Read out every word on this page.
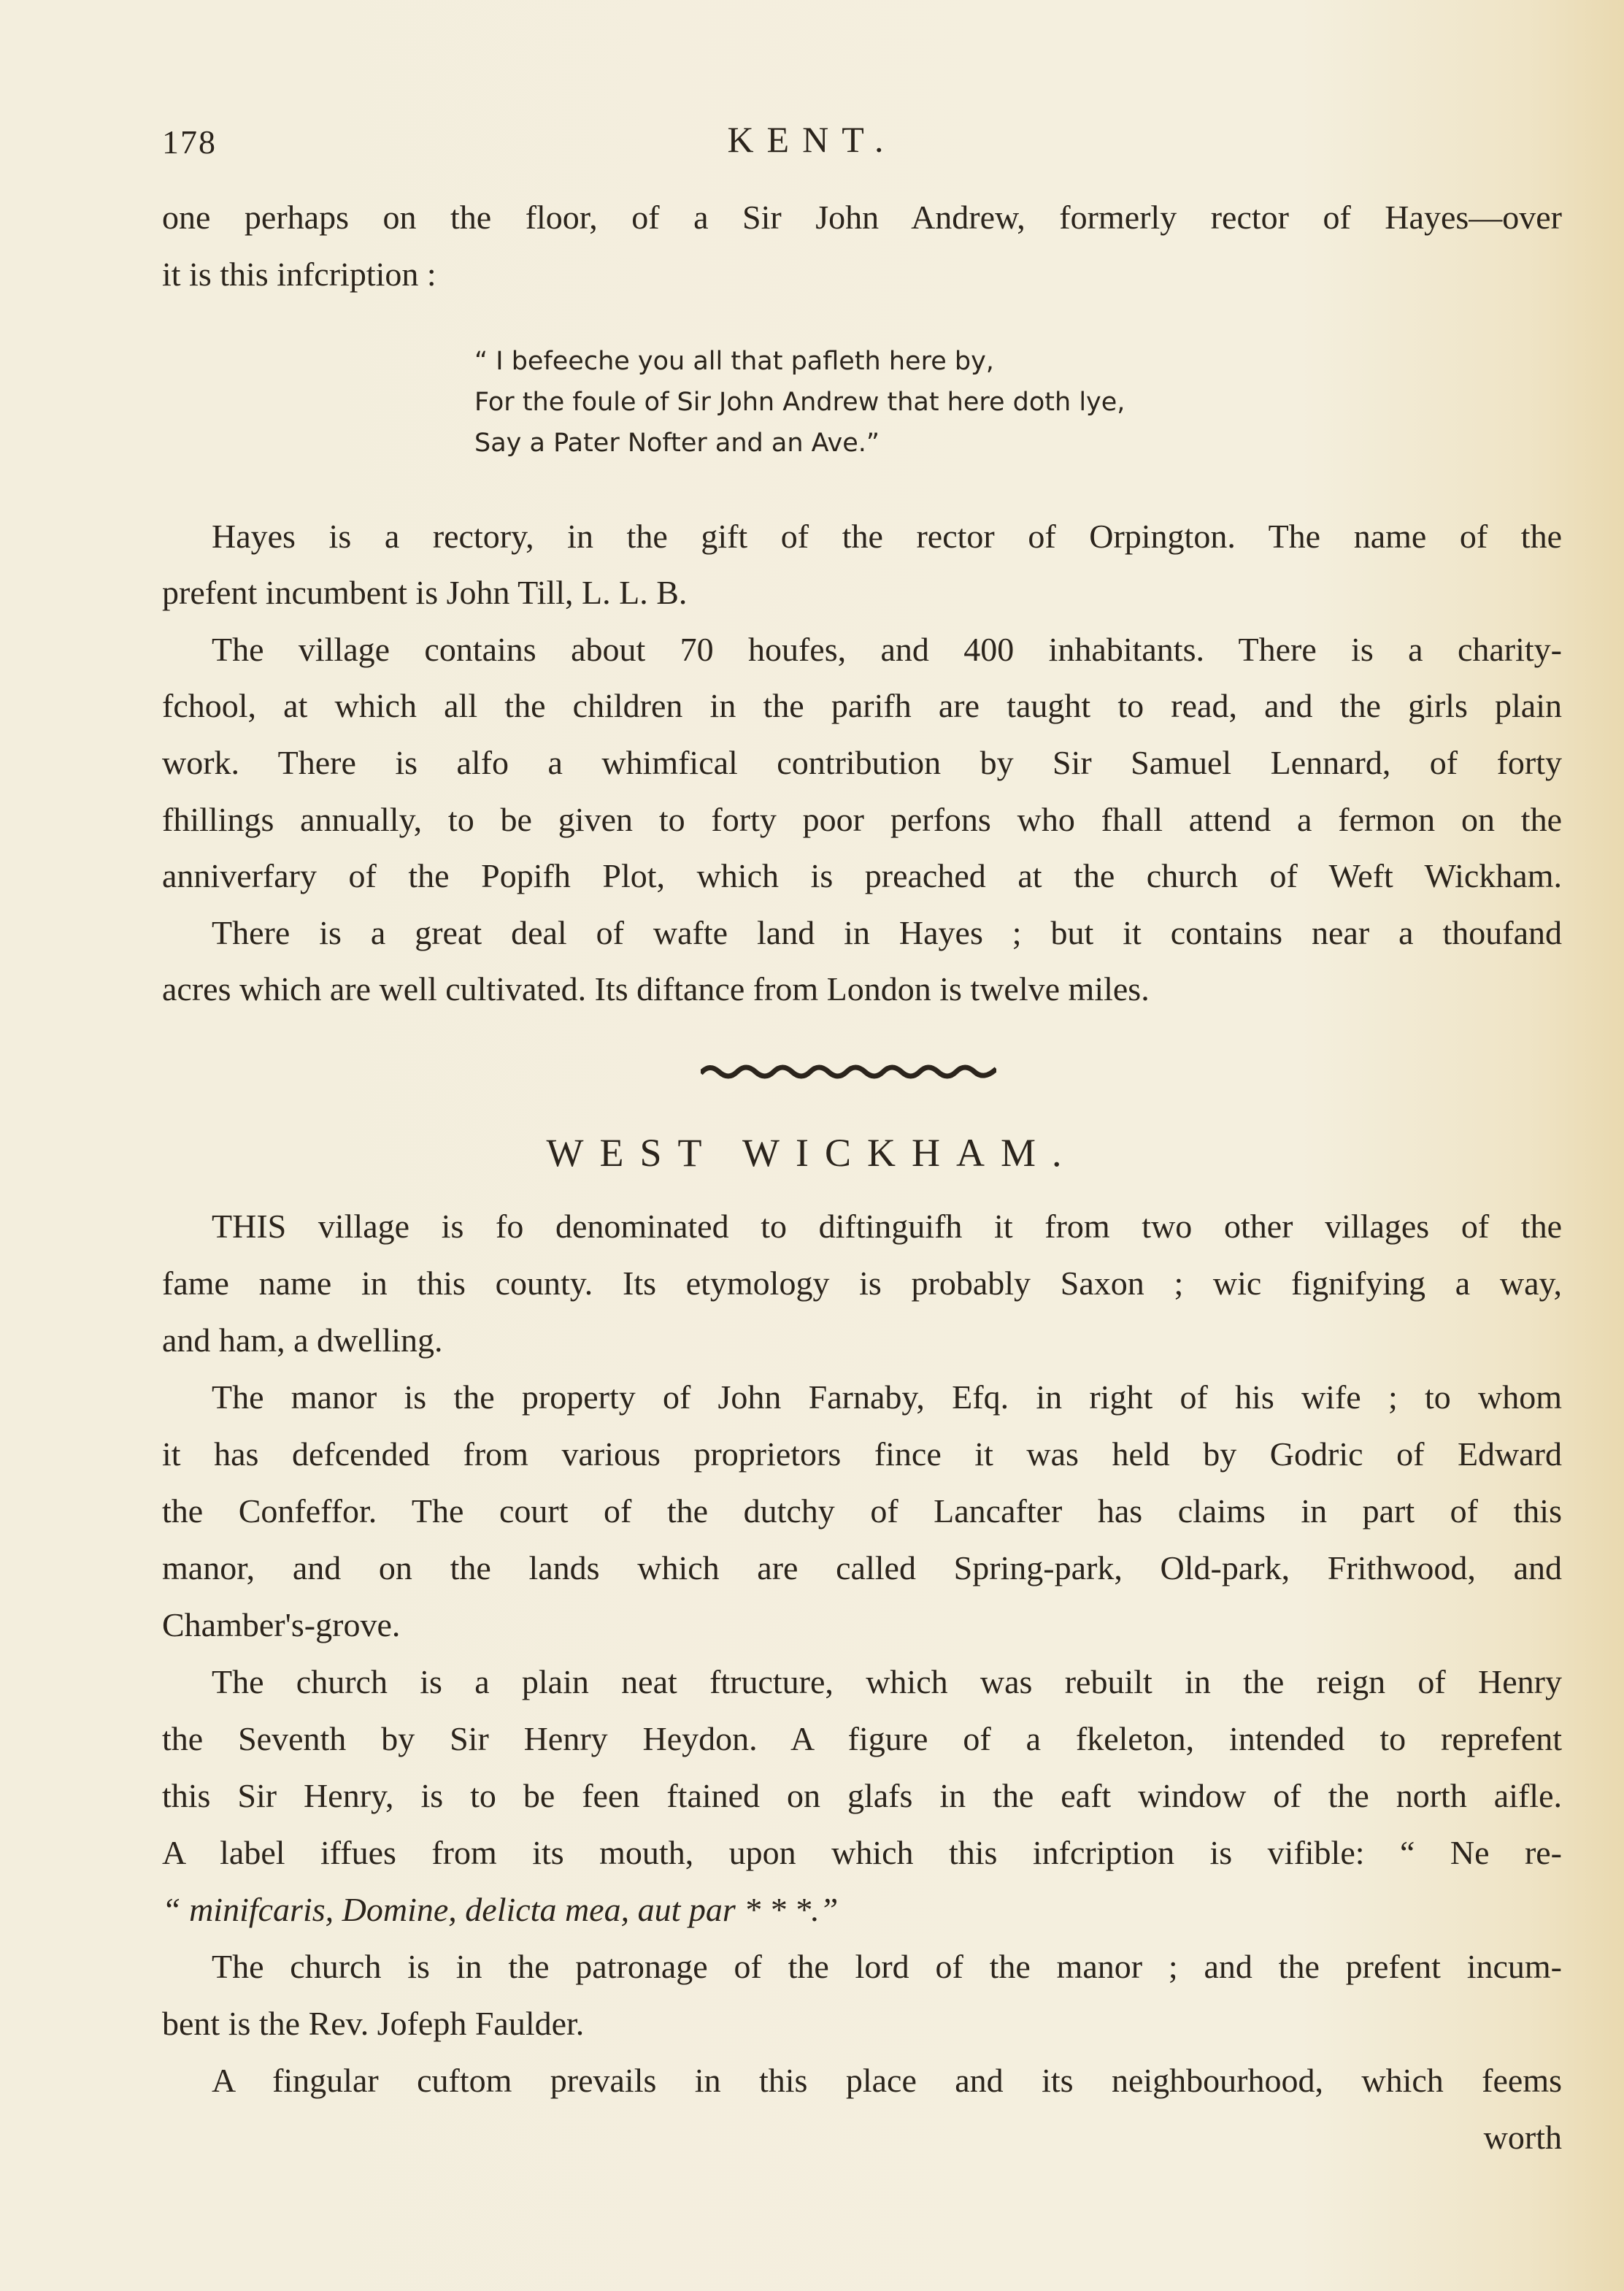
178	KENT.
one perhaps on the floor, of a Sir John Andrew, formerly rector of Hayes—over
it is this infcription :
“ I befeeche you all that pafleth here by,
For the foule of Sir John Andrew that here doth lye,
Say a Pater Nofter and an Ave.”
Hayes is a rectory, in the gift of the rector of Orpington. The name of the
prefent incumbent is John Till, L. L. B.
The village contains about 70 houfes, and 400 inhabitants. There is a charity-
fchool, at which all the children in the parifh are taught to read, and the girls plain
work. There is alfo a whimfical contribution by Sir Samuel Lennard, of forty
fhillings annually, to be given to forty poor perfons who fhall attend a fermon on the
anniverfary of the Popifh Plot, which is preached at the church of Weft Wickham.
There is a great deal of wafte land in Hayes ; but it contains near a thoufand
acres which are well cultivated. Its diftance from London is twelve miles.
WEST WICKHAM.
THIS village is fo denominated to diftinguifh it from two other villages of the
fame name in this county. Its etymology is probably Saxon ; wic fignifying a way,
and ham, a dwelling.
The manor is the property of John Farnaby, Efq. in right of his wife ; to whom
it has defcended from various proprietors fince it was held by Godric of Edward
the Confeffor. The court of the dutchy of Lancafter has claims in part of this
manor, and on the lands which are called Spring-park, Old-park, Frithwood, and
Chamber's-grove.
The church is a plain neat ftructure, which was rebuilt in the reign of Henry
the Seventh by Sir Henry Heydon. A figure of a fkeleton, intended to reprefent
this Sir Henry, is to be feen ftained on glafs in the eaft window of the north aifle.
A label iffues from its mouth, upon which this infcription is vifible: “ Ne re-
“ minifcaris, Domine, delicta mea, aut par * * *.”
The church is in the patronage of the lord of the manor ; and the prefent incum-
bent is the Rev. Jofeph Faulder.
A fingular cuftom prevails in this place and its neighbourhood, which feems
worth
